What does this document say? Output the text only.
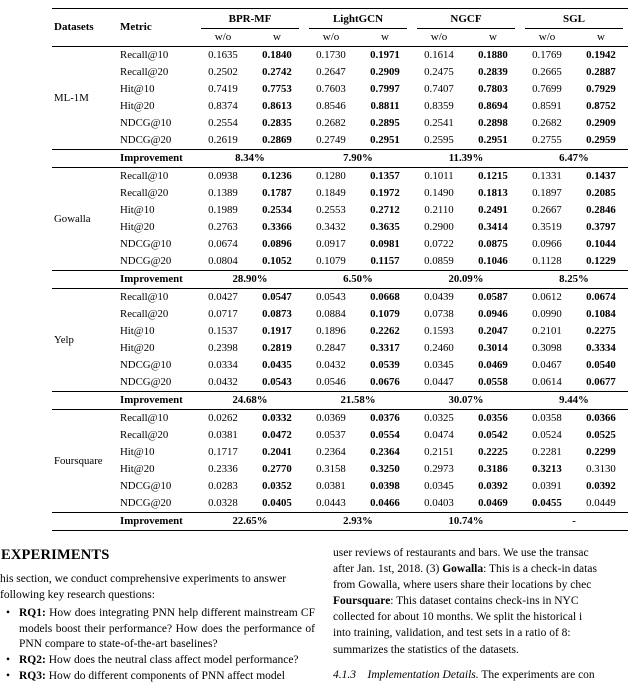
Datasets	Metric	BPR-MF		LightGCN		NGCF		SGL	

		w/o	w	w/o	w	w/o	w	w/o	w
ML-1M	Recall@10	0.1635	0.1840	0.1730	0.1971	0.1614	0.1880	0.1769	0.1942
	Recall@20	0.2502	0.2742	0.2647	0.2909	0.2475	0.2839	0.2665	0.2887
	Hit@10	0.7419	0.7753	0.7603	0.7997	0.7407	0.7803	0.7699	0.7929
	Hit@20	0.8374	0.8613	0.8546	0.8811	0.8359	0.8694	0.8591	0.8752
	NDCG@10	0.2554	0.2835	0.2682	0.2895	0.2541	0.2898	0.2682	0.2909
	NDCG@20	0.2619	0.2869	0.2749	0.2951	0.2595	0.2951	0.2755	0.2959
	Improvement	8.34%		7.90%		11.39%		6.47%	
Gowalla	Recall@10	0.0938	0.1236	0.1280	0.1357	0.1011	0.1215	0.1331	0.1437
	Recall@20	0.1389	0.1787	0.1849	0.1972	0.1490	0.1813	0.1897	0.2085
	Hit@10	0.1989	0.2534	0.2553	0.2712	0.2110	0.2491	0.2667	0.2846
	Hit@20	0.2763	0.3366	0.3432	0.3635	0.2900	0.3414	0.3519	0.3797
	NDCG@10	0.0674	0.0896	0.0917	0.0981	0.0722	0.0875	0.0966	0.1044
	NDCG@20	0.0804	0.1052	0.1079	0.1157	0.0859	0.1046	0.1128	0.1229
	Improvement	28.90%		6.50%		20.09%		8.25%	
Yelp	Recall@10	0.0427	0.0547	0.0543	0.0668	0.0439	0.0587	0.0612	0.0674
	Recall@20	0.0717	0.0873	0.0884	0.1079	0.0738	0.0946	0.0990	0.1084
	Hit@10	0.1537	0.1917	0.1896	0.2262	0.1593	0.2047	0.2101	0.2275
	Hit@20	0.2398	0.2819	0.2847	0.3317	0.2460	0.3014	0.3098	0.3334
	NDCG@10	0.0334	0.0435	0.0432	0.0539	0.0345	0.0469	0.0467	0.0540
	NDCG@20	0.0432	0.0543	0.0546	0.0676	0.0447	0.0558	0.0614	0.0677
	Improvement	24.68%		21.58%		30.07%		9.44%	
Foursquare	Recall@10	0.0262	0.0332	0.0369	0.0376	0.0325	0.0356	0.0358	0.0366
	Recall@20	0.0381	0.0472	0.0537	0.0554	0.0474	0.0542	0.0524	0.0525
	Hit@10	0.1717	0.2041	0.2364	0.2364	0.2151	0.2225	0.2281	0.2299
	Hit@20	0.2336	0.2770	0.3158	0.3250	0.2973	0.3186	0.3213	0.3130
	NDCG@10	0.0283	0.0352	0.0381	0.0398	0.0345	0.0392	0.0391	0.0392
	NDCG@20	0.0328	0.0405	0.0443	0.0466	0.0403	0.0469	0.0455	0.0449
	Improvement	22.65%		2.93%		10.74%		-	
EXPERIMENTS
his section, we conduct comprehensive experiments to answer
following key research questions:
• RQ1: How does integrating PNN help different mainstream CF models boost their performance? How does the performance of PNN compare to state-of-the-art baselines?
• RQ2: How does the neutral class affect model performance?
• RQ3: How do different components of PNN affect model
user reviews of restaurants and bars. We use the transac
after Jan. 1st, 2018. (3) Gowalla: This is a check-in datas
from Gowalla, where users share their locations by chec
Foursquare: This dataset contains check-ins in NYC
collected for about 10 months. We split the historical i
into training, validation, and test sets in a ratio of 8:
summarizes the statistics of the datasets.
4.1.3  Implementation Details. The experiments are con
